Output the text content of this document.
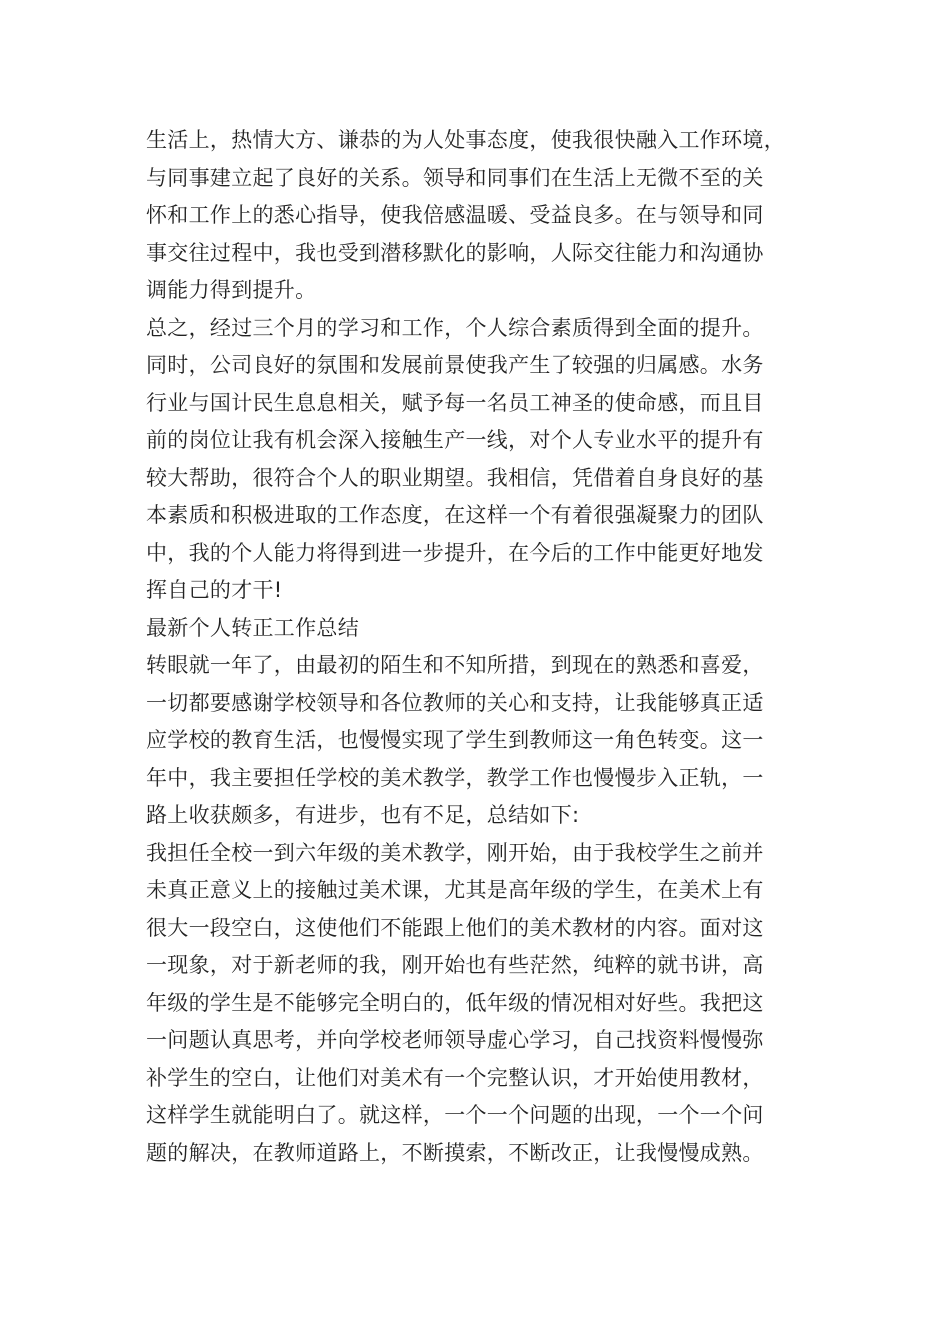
生活上，热情大方、谦恭的为人处事态度，使我很快融入工作环境，
与同事建立起了良好的关系。领导和同事们在生活上无微不至的关
怀和工作上的悉心指导，使我倍感温暖、受益良多。在与领导和同
事交往过程中，我也受到潜移默化的影响，人际交往能力和沟通协
调能力得到提升。
总之，经过三个月的学习和工作，个人综合素质得到全面的提升。
同时，公司良好的氛围和发展前景使我产生了较强的归属感。水务
行业与国计民生息息相关，赋予每一名员工神圣的使命感，而且目
前的岗位让我有机会深入接触生产一线，对个人专业水平的提升有
较大帮助，很符合个人的职业期望。我相信，凭借着自身良好的基
本素质和积极进取的工作态度，在这样一个有着很强凝聚力的团队
中，我的个人能力将得到进一步提升，在今后的工作中能更好地发
挥自己的才干!
最新个人转正工作总结
转眼就一年了，由最初的陌生和不知所措，到现在的熟悉和喜爱，
一切都要感谢学校领导和各位教师的关心和支持，让我能够真正适
应学校的教育生活，也慢慢实现了学生到教师这一角色转变。这一
年中，我主要担任学校的美术教学，教学工作也慢慢步入正轨，一
路上收获颇多，有进步，也有不足，总结如下:
我担任全校一到六年级的美术教学，刚开始，由于我校学生之前并
未真正意义上的接触过美术课，尤其是高年级的学生，在美术上有
很大一段空白，这使他们不能跟上他们的美术教材的内容。面对这
一现象，对于新老师的我，刚开始也有些茫然，纯粹的就书讲，高
年级的学生是不能够完全明白的，低年级的情况相对好些。我把这
一问题认真思考，并向学校老师领导虚心学习，自己找资料慢慢弥
补学生的空白，让他们对美术有一个完整认识，才开始使用教材，
这样学生就能明白了。就这样，一个一个问题的出现，一个一个问
题的解决，在教师道路上，不断摸索，不断改正，让我慢慢成熟。
